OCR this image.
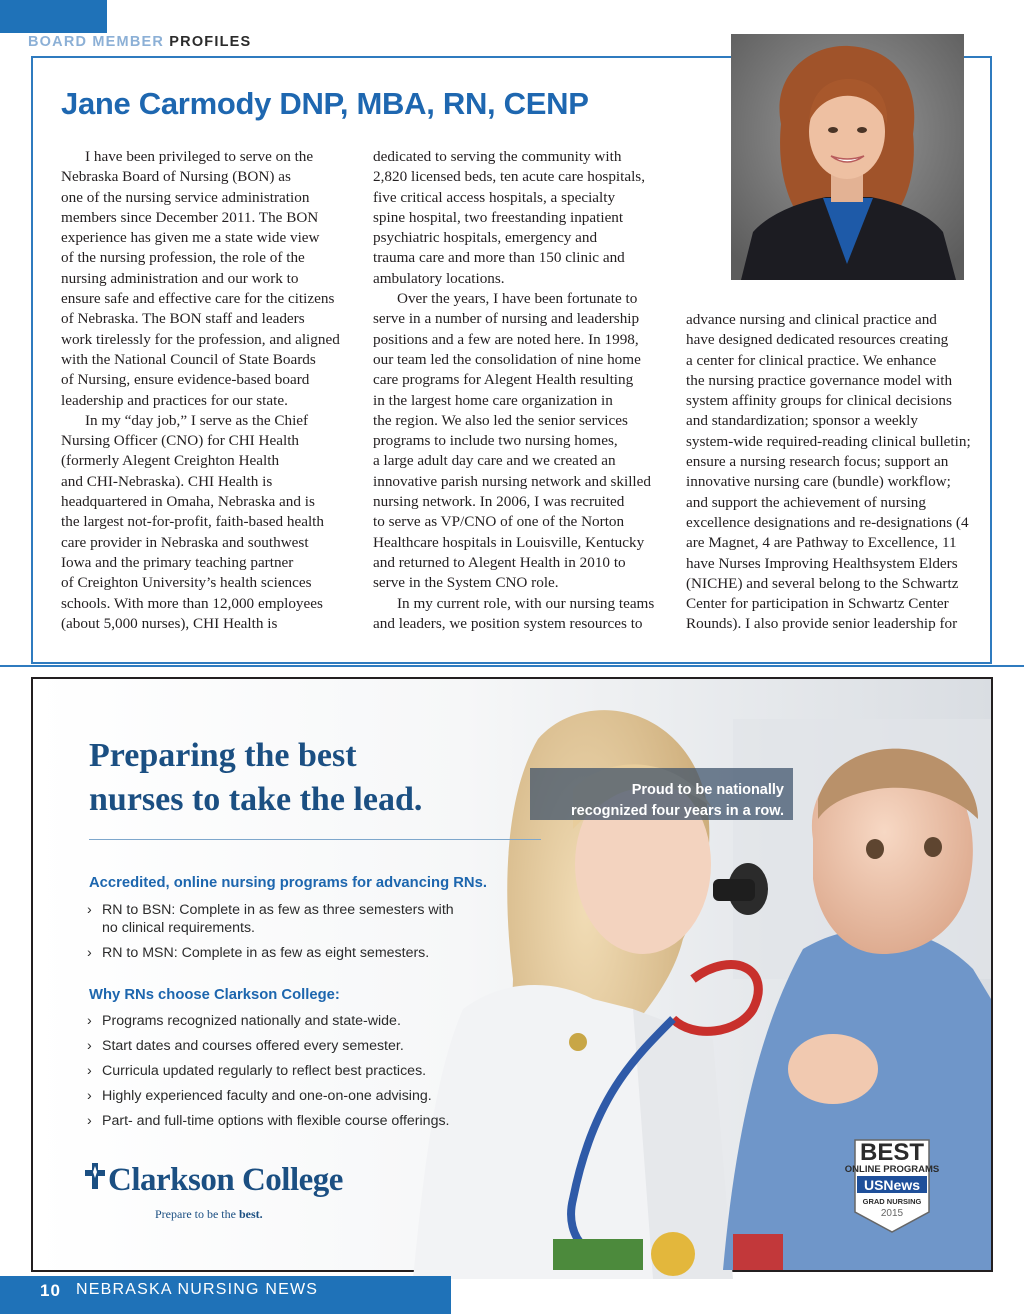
BOARD MEMBER PROFILES

Jane Carmody DNP, MBA, RN, CENP
I have been privileged to serve on the
Nebraska Board of Nursing (BON) as
one of the nursing service administration
members since December 2011. The BON
experience has given me a state wide view
of the nursing profession, the role of the
nursing administration and our work to
ensure safe and effective care for the citizens
of Nebraska. The BON staff and leaders
work tirelessly for the profession, and aligned
with the National Council of State Boards
of Nursing, ensure evidence-based board
leadership and practices for our state.
In my “day job,” I serve as the Chief
Nursing Officer (CNO) for CHI Health
(formerly Alegent Creighton Health
and CHI-Nebraska). CHI Health is
headquartered in Omaha, Nebraska and is
the largest not-for-profit, faith-based health
care provider in Nebraska and southwest
Iowa and the primary teaching partner
of Creighton University’s health sciences
schools. With more than 12,000 employees
(about 5,000 nurses), CHI Health is
dedicated to serving the community with
2,820 licensed beds, ten acute care hospitals,
five critical access hospitals, a specialty
spine hospital, two freestanding inpatient
psychiatric hospitals, emergency and
trauma care and more than 150 clinic and
ambulatory locations.
Over the years, I have been fortunate to
serve in a number of nursing and leadership
positions and a few are noted here. In 1998,
our team led the consolidation of nine home
care programs for Alegent Health resulting
in the largest home care organization in
the region. We also led the senior services
programs to include two nursing homes,
a large adult day care and we created an
innovative parish nursing network and skilled
nursing network. In 2006, I was recruited
to serve as VP/CNO of one of the Norton
Healthcare hospitals in Louisville, Kentucky
and returned to Alegent Health in 2010 to
serve in the System CNO role.
In my current role, with our nursing teams
and leaders, we position system resources to
advance nursing and clinical practice and
have designed dedicated resources creating
a center for clinical practice. We enhance
the nursing practice governance model with
system affinity groups for clinical decisions
and standardization; sponsor a weekly
system-wide required-reading clinical bulletin;
ensure a nursing research focus; support an
innovative nursing care (bundle) workflow;
and support the achievement of nursing
excellence designations and re-designations (4
are Magnet, 4 are Pathway to Excellence, 11
have Nurses Improving Healthsystem Elders
(NICHE) and several belong to the Schwartz
Center for participation in Schwartz Center
Rounds). I also provide senior leadership for
Preparing the best
nurses to take the lead.

Accredited, online nursing programs for advancing RNs.

› RN to BSN: Complete in as few as three semesters with
no clinical requirements.
› RN to MSN: Complete in as few as eight semesters.

Why RNs choose Clarkson College:

› Programs recognized nationally and state-wide.
› Start dates and courses offered every semester.
› Curricula updated regularly to reflect best practices.
› Highly experienced faculty and one-on-one advising.
› Part- and full-time options with flexible course offerings.

Clarkson College

Prepare to be the best.

Proud to be nationally
recognized four years in a row.

BEST
ONLINE PROGRAMS
USNews
GRAD NURSING
2015

10 NEBRASKA NURSING NEWS
